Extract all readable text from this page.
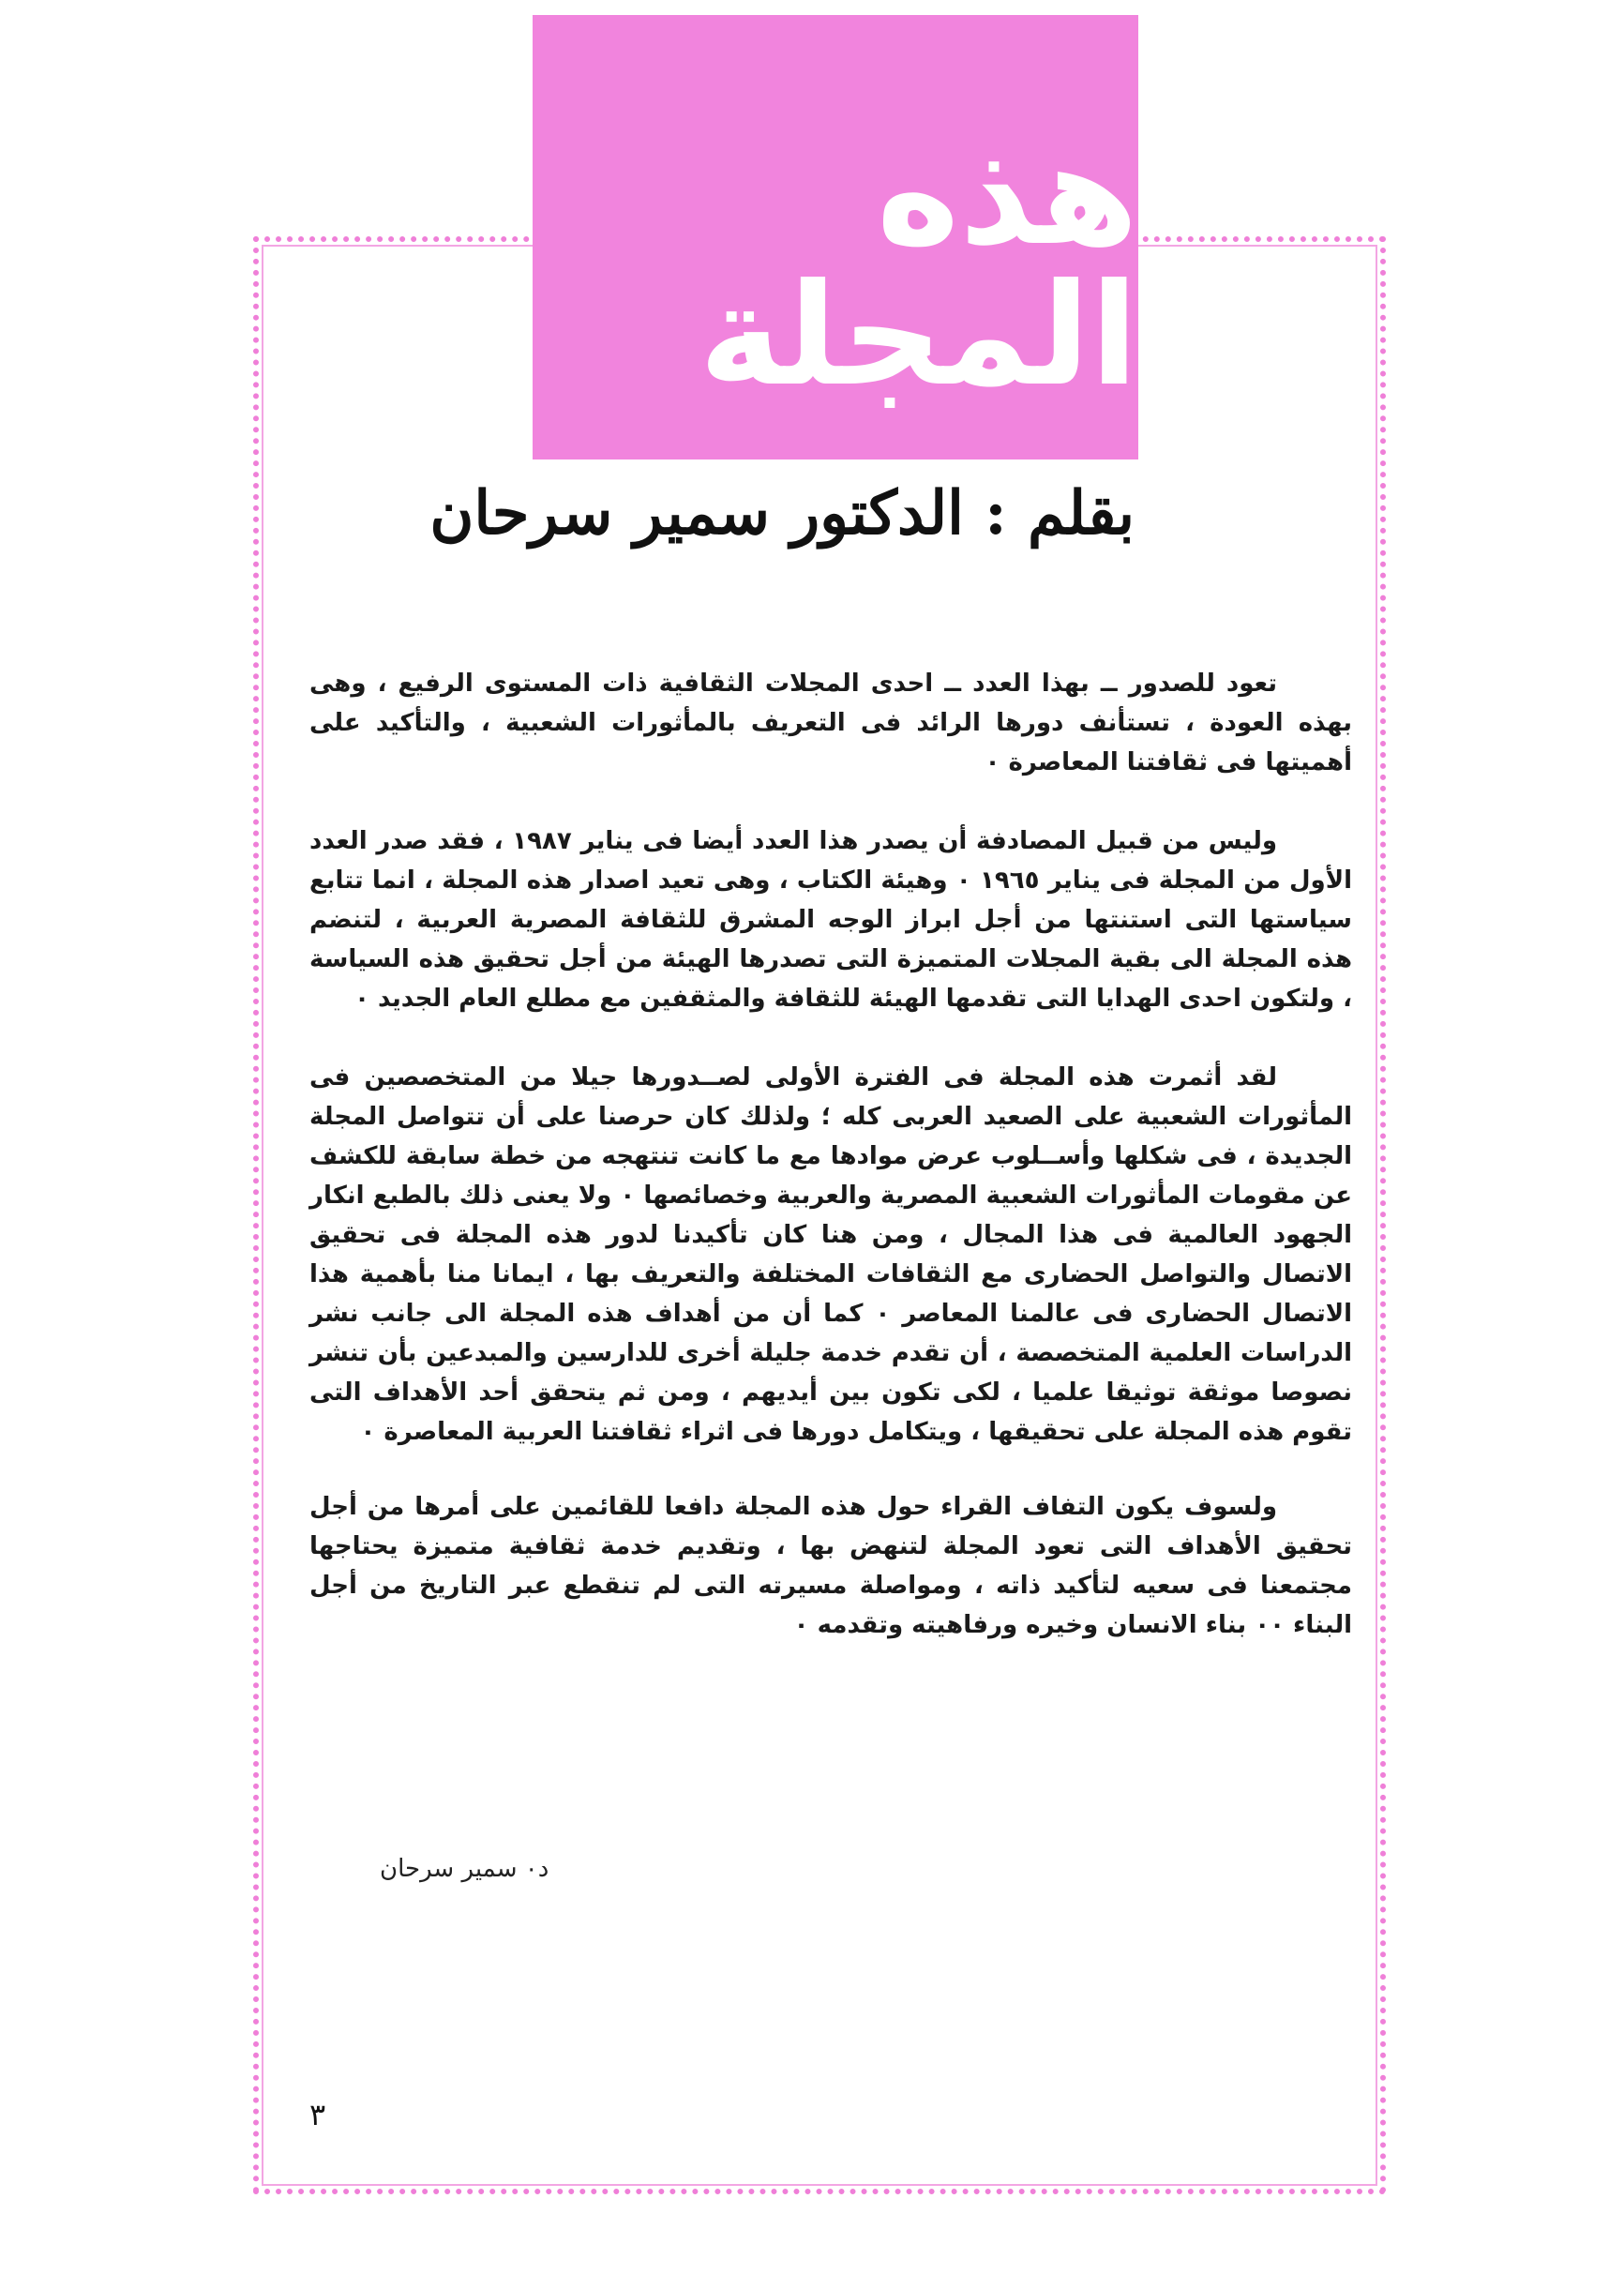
هذه المجلة
بقلم : الدكتور سمير سرحان

تعود للصدور ــ بهذا العدد ــ احدى المجلات الثقافية ذات المستوى الرفيع ، وهى بهذه العودة ، تستأنف دورها الرائد فى التعريف بالمأثورات الشعبية ، والتأكيد على أهميتها فى ثقافتنا المعاصرة ٠

وليس من قبيل المصادفة أن يصدر هذا العدد أيضا فى يناير ١٩٨٧ ، فقد صدر العدد الأول من المجلة فى يناير ١٩٦٥ ٠ وهيئة الكتاب ، وهى تعيد اصدار هذه المجلة ، انما تتابع سياستها التى استنتها من أجل ابراز الوجه المشرق للثقافة المصرية العربية ، لتنضم هذه المجلة الى بقية المجلات المتميزة التى تصدرها الهيئة من أجل تحقيق هذه السياسة ، ولتكون احدى الهدايا التى تقدمها الهيئة للثقافة والمثقفين مع مطلع العام الجديد ٠

لقد أثمرت هذه المجلة فى الفترة الأولى لصــدورها جيلا من المتخصصين فى المأثورات الشعبية على الصعيد العربى كله ؛ ولذلك كان حرصنا على أن تتواصل المجلة الجديدة ، فى شكلها وأســلوب عرض موادها مع ما كانت تنتهجه من خطة سابقة للكشف عن مقومات المأثورات الشعبية المصرية والعربية وخصائصها ٠ ولا يعنى ذلك بالطبع انكار الجهود العالمية فى هذا المجال ، ومن هنا كان تأكيدنا لدور هذه المجلة فى تحقيق الاتصال والتواصل الحضارى مع الثقافات المختلفة والتعريف بها ، ايمانا منا بأهمية هذا الاتصال الحضارى فى عالمنا المعاصر ٠ كما أن من أهداف هذه المجلة الى جانب نشر الدراسات العلمية المتخصصة ، أن تقدم خدمة جليلة أخرى للدارسين والمبدعين بأن تنشر نصوصا موثقة توثيقا علميا ، لكى تكون بين أيديهم ، ومن ثم يتحقق أحد الأهداف التى تقوم هذه المجلة على تحقيقها ، ويتكامل دورها فى اثراء ثقافتنا العربية المعاصرة ٠

ولسوف يكون التفاف القراء حول هذه المجلة دافعا للقائمين على أمرها من أجل تحقيق الأهداف التى تعود المجلة لتنهض بها ، وتقديم خدمة ثقافية متميزة يحتاجها مجتمعنا فى سعيه لتأكيد ذاته ، ومواصلة مسيرته التى لم تنقطع عبر التاريخ من أجل البناء ٠٠ بناء الانسان وخيره ورفاهيته وتقدمه ٠

د٠ سمير سرحان
٣
